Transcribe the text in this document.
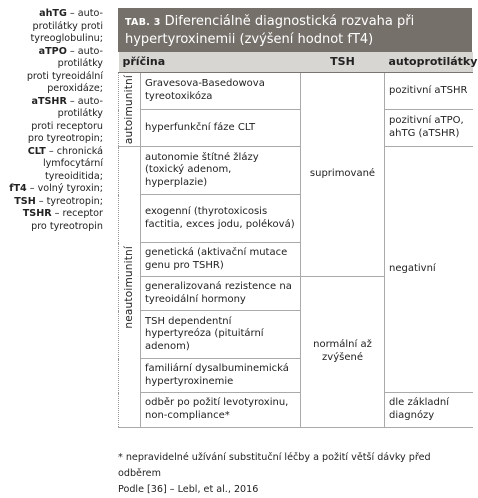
ahTG – auto-
protilátky proti
tyreoglobulinu;
aTPO – auto-
protilátky
proti tyreoidální
peroxidáze;
aTSHR – auto-
protilátky
proti receptoru
pro tyreotropin;
CLT – chronická
lymfocytární
tyreoiditida;
fT4 – volný tyroxin;
TSH – tyreotropin;
TSHR – receptor
pro tyreotropin
TAB. 3 Diferenciálně diagnostická rozvaha při hypertyroxinemii (zvýšení hodnot fT4)
příčina		TSH	autoprotilátky

autoimunitní	Gravesova-Basedowova tyreotoxikóza	suprimované	pozitivní aTSHR
	hyperfunkční fáze CLT		pozitivní aTPO, ahTG (aTSHR)

neautoimunitní	autonomie štítné žlázy (toxický adenom, hyperplazie)		negativní
	exogenní (thyrotoxicosis factitia, exces jodu, poléková)		
	genetická (aktivační mutace genu pro TSHR)		
	generalizovaná rezistence na tyreoidální hormony	normální až zvýšené	
	TSH dependentní hypertyreóza (pituitární adenom)		
	familiární dysalbuminemická hypertyroxinemie		
	odběr po požití levotyroxinu, non-compliance*		dle základní diagnózy
* nepravidelné užívání substituční léčby a požití větší dávky před odběrem
Podle [36] – Lebl, et al., 2016
